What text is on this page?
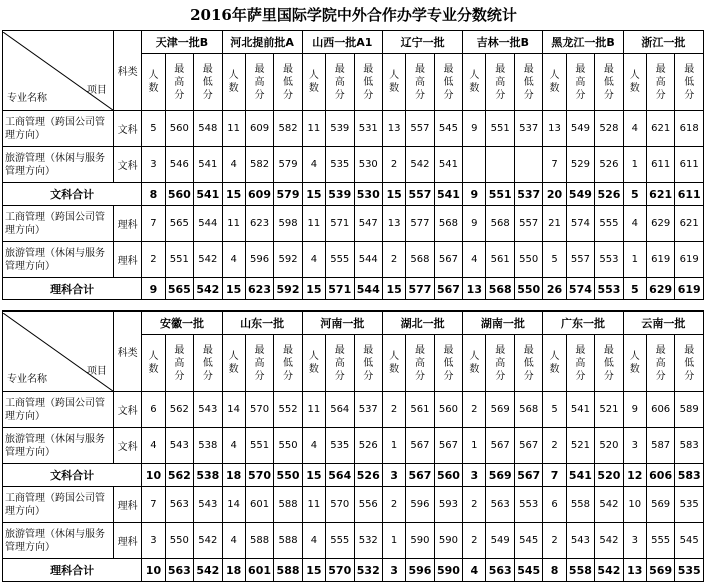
2016年萨里国际学院中外合作办学专业分数统计
专业名称
项目	科类	天津一批B			河北提前批A			山西一批A1			辽宁一批			吉林一批B			黑龙江一批B			浙江一批		
		人数	最高分	最低分	人数	最高分	最低分	人数	最高分	最低分	人数	最高分	最低分	人数	最高分	最低分	人数	最高分	最低分	人数	最高分	最低分
工商管理（跨国公司管理方向）	文科	5	560	548	11	609	582	11	539	531	13	557	545	9	551	537	13	549	528	4	621	618
旅游管理（休闲与服务管理方向）	文科	3	546	541	4	582	579	4	535	530	2	542	541				7	529	526	1	611	611
文科合计		8	560	541	15	609	579	15	539	530	15	557	541	9	551	537	20	549	526	5	621	611
工商管理（跨国公司管理方向）	理科	7	565	544	11	623	598	11	571	547	13	577	568	9	568	557	21	574	555	4	629	621
旅游管理（休闲与服务管理方向）	理科	2	551	542	4	596	592	4	555	544	2	568	567	4	561	550	5	557	553	1	619	619
理科合计		9	565	542	15	623	592	15	571	544	15	577	567	13	568	550	26	574	553	5	629	619
专业名称
项目	科类	安徽一批			山东一批			河南一批			湖北一批			湖南一批			广东一批			云南一批		
		人数	最高分	最低分	人数	最高分	最低分	人数	最高分	最低分	人数	最高分	最低分	人数	最高分	最低分	人数	最高分	最低分	人数	最高分	最低分
工商管理（跨国公司管理方向）	文科	6	562	543	14	570	552	11	564	537	2	561	560	2	569	568	5	541	521	9	606	589
旅游管理（休闲与服务管理方向）	文科	4	543	538	4	551	550	4	535	526	1	567	567	1	567	567	2	521	520	3	587	583
文科合计		10	562	538	18	570	550	15	564	526	3	567	560	3	569	567	7	541	520	12	606	583
工商管理（跨国公司管理方向）	理科	7	563	543	14	601	588	11	570	556	2	596	593	2	563	553	6	558	542	10	569	535
旅游管理（休闲与服务管理方向）	理科	3	550	542	4	588	588	4	555	532	1	590	590	2	549	545	2	543	542	3	555	545
理科合计		10	563	542	18	601	588	15	570	532	3	596	590	4	563	545	8	558	542	13	569	535
